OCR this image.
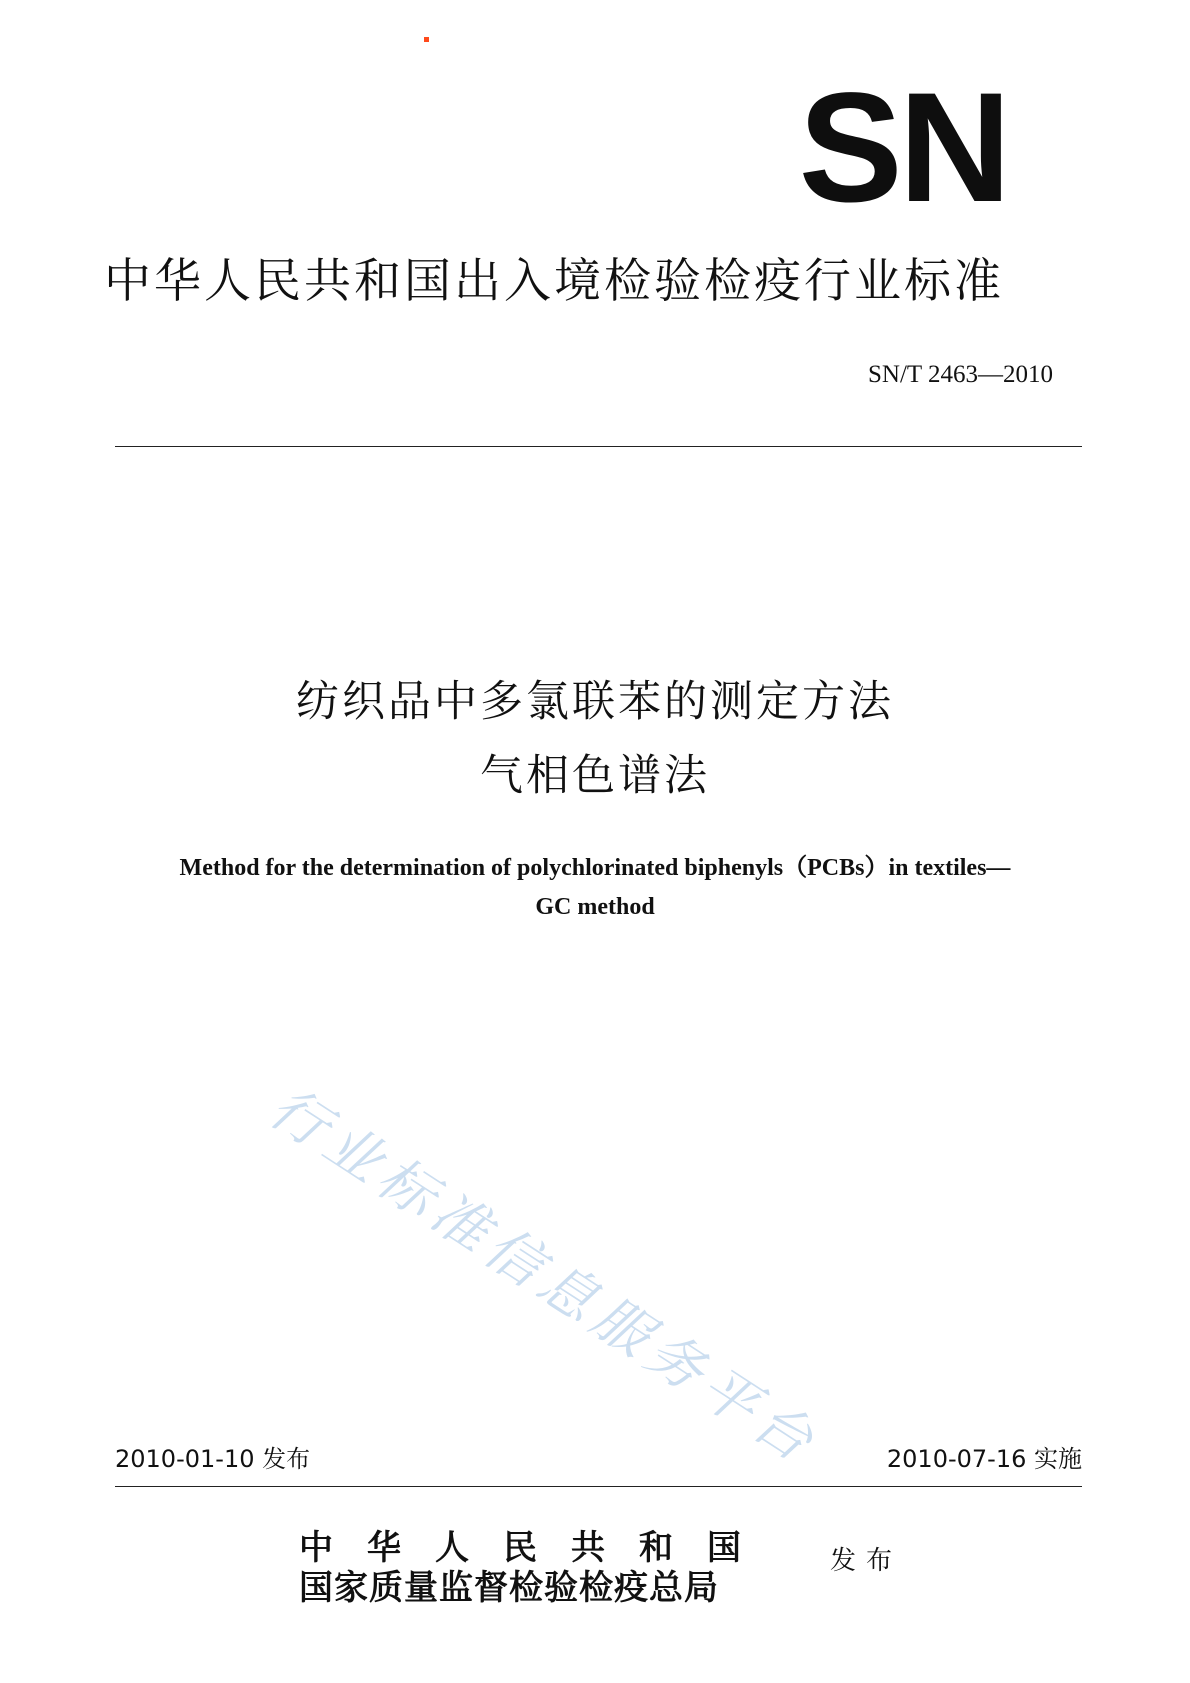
SN
中华人民共和国出入境检验检疫行业标准
SN/T 2463—2010
纺织品中多氯联苯的测定方法
气相色谱法
Method for the determination of polychlorinated biphenyls（PCBs）in textiles—
GC method
行业标准信息服务平台
2010-01-10 发布	2010-07-16 实施
中华人民共和国
国家质量监督检验检疫总局
发布
